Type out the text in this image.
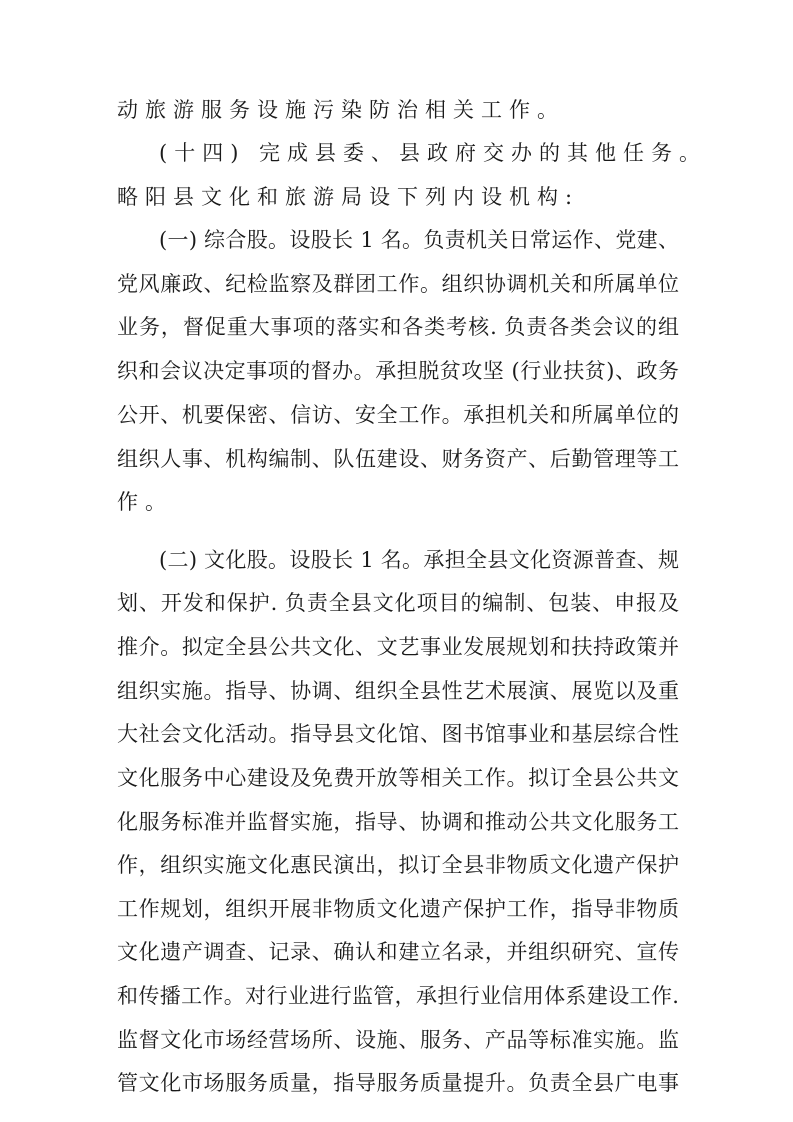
动旅游服务设施污染防治相关工作。
(十四) 完成县委、县政府交办的其他任务。
略阳县文化和旅游局设下列内设机构:
(一) 综合股。设股长 1 名。负责机关日常运作、党建、
党风廉政、纪检监察及群团工作。组织协调机关和所属单位
业务，督促重大事项的落实和各类考核. 负责各类会议的组
织和会议决定事项的督办。承担脱贫攻坚 (行业扶贫)、政务
公开、机要保密、信访、安全工作。承担机关和所属单位的
组织人事、机构编制、队伍建设、财务资产、后勤管理等工
作。
(二) 文化股。设股长 1 名。承担全县文化资源普查、规
划、开发和保护. 负责全县文化项目的编制、包装、申报及
推介。拟定全县公共文化、文艺事业发展规划和扶持政策并
组织实施。指导、协调、组织全县性艺术展演、展览以及重
大社会文化活动。指导县文化馆、图书馆事业和基层综合性
文化服务中心建设及免费开放等相关工作。拟订全县公共文
化服务标准并监督实施，指导、协调和推动公共文化服务工
作，组织实施文化惠民演出，拟订全县非物质文化遗产保护
工作规划，组织开展非物质文化遗产保护工作，指导非物质
文化遗产调查、记录、确认和建立名录，并组织研究、宣传
和传播工作。对行业进行监管，承担行业信用体系建设工作.
监督文化市场经营场所、设施、服务、产品等标准实施。监
管文化市场服务质量，指导服务质量提升。负责全县广电事
